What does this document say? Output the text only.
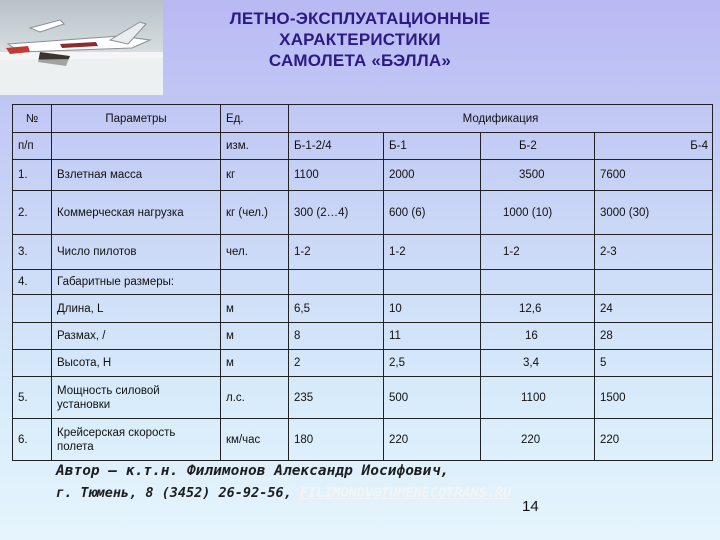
ЛЕТНО-ЭКСПЛУАТАЦИОННЫЕ
ХАРАКТЕРИСТИКИ
САМОЛЕТА «БЭЛЛА»
№	Параметры	Ед.	Модификация			
п/п		изм.	Б-1-2/4	Б-1	Б-2	Б-4
1.	Взлетная масса	кг	1100	2000	3500	7600
2.	Коммерческая нагрузка	кг (чел.)	300 (2…4)	600 (6)	1000 (10)	3000 (30)
3.	Число пилотов	чел.	1-2	1-2	1-2	2-3
4.	Габаритные размеры:					
	Длина, L	м	6,5	10	12,6	24
	Размах, /	м	8	11	16	28
	Высота, H	м	2	2,5	3,4	5
5.	Мощность силовой установки	л.с.	235	500	1100	1500
6.	Крейсерская скорость полета	км/час	180	220	220	220
Автор – к.т.н. Филимонов Александр Иосифович,
г. Тюмень, 8 (3452) 26-92-56, FILIMONOV@TUMENECOTRANS.RU
14
